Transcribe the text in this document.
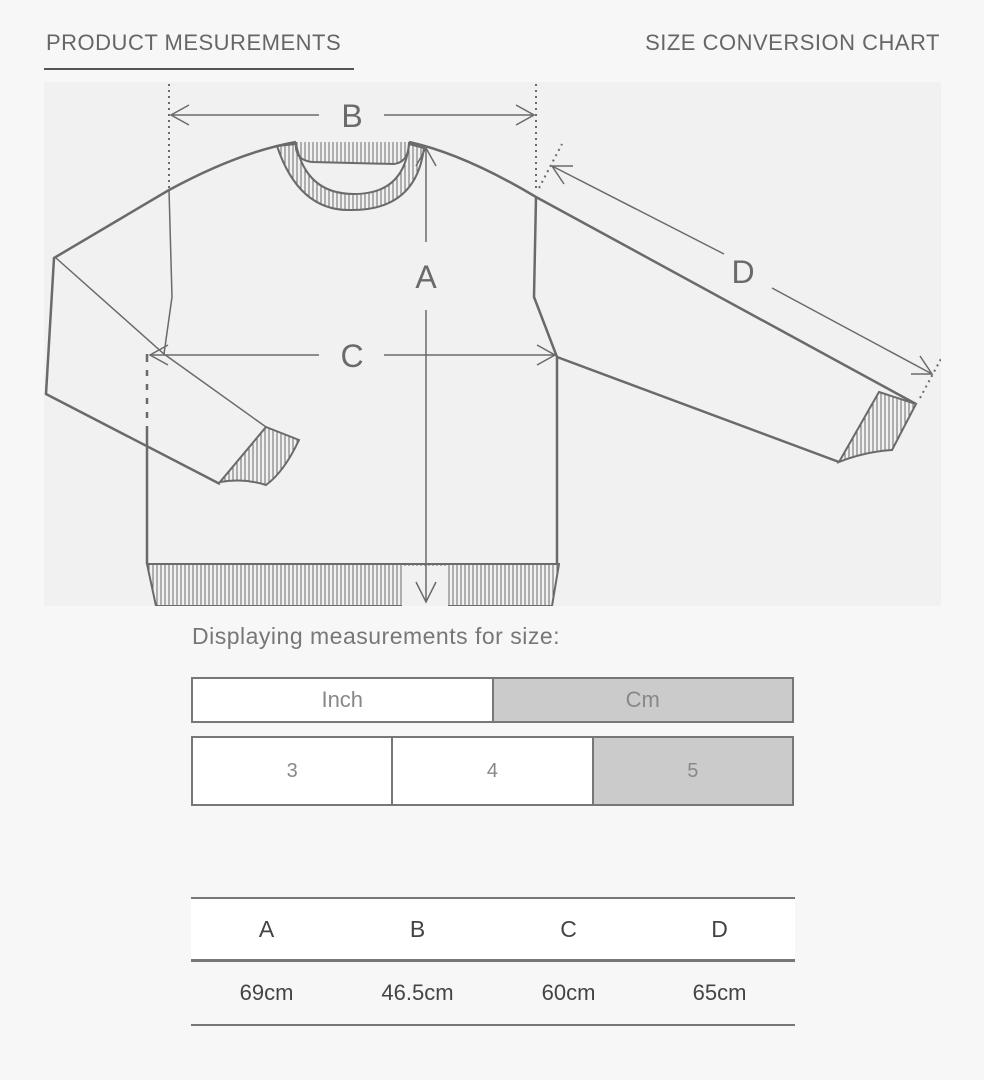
PRODUCT MESUREMENTS	SIZE CONVERSION CHART
B
A
C
D
Displaying measurements for size:
Inch	Cm
3	4	5
A	B	C	D
69cm	46.5cm	60cm	65cm
